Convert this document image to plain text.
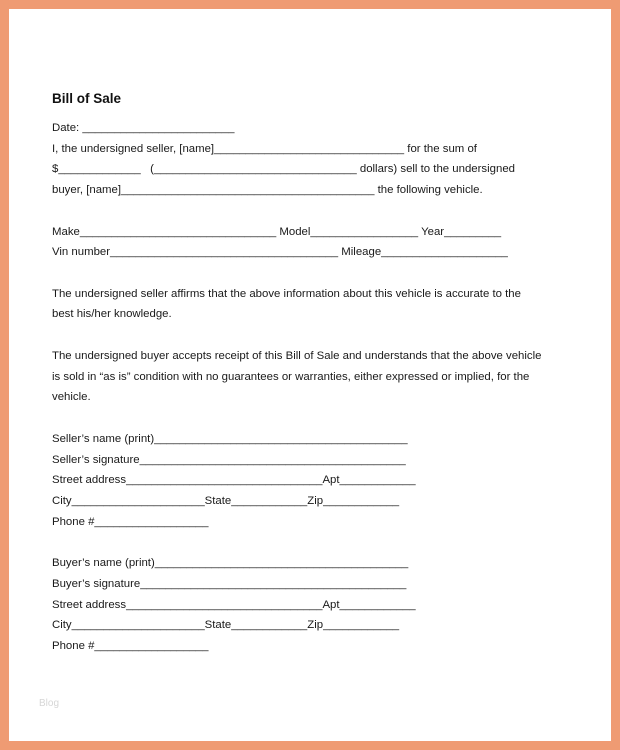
Bill of Sale
Date: ________________________
I, the undersigned seller, [name]______________________________ for the sum of
$_____________   (________________________________ dollars) sell to the undersigned
buyer, [name]________________________________________ the following vehicle.
Make_______________________________ Model_________________ Year_________
Vin number____________________________________ Mileage____________________
The undersigned seller affirms that the above information about this vehicle is accurate to the
best his/her knowledge.
The undersigned buyer accepts receipt of this Bill of Sale and understands that the above vehicle
is sold in “as is” condition with no guarantees or warranties, either expressed or implied, for the
vehicle.
Seller’s name (print)________________________________________
Seller’s signature__________________________________________
Street address_______________________________Apt____________
City_____________________State____________Zip____________
Phone #__________________
Buyer’s name (print)________________________________________
Buyer’s signature__________________________________________
Street address_______________________________Apt____________
City_____________________State____________Zip____________
Phone #__________________
Blog
